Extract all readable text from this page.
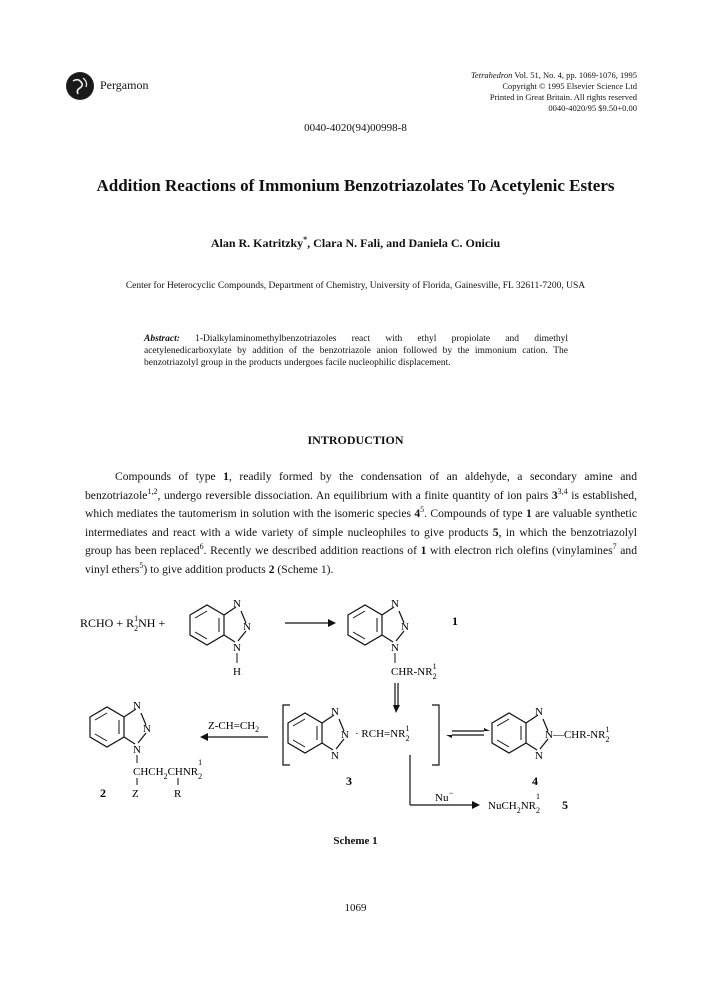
Pergamon
Tetrahedron Vol. 51, No. 4, pp. 1069-1076, 1995
Copyright © 1995 Elsevier Science Ltd
Printed in Great Britain. All rights reserved
0040-4020/95 $9.50+0.00
0040-4020(94)00998-8
Addition Reactions of Immonium Benzotriazolates To Acetylenic Esters
Alan R. Katritzky*, Clara N. Fali, and Daniela C. Oniciu
Center for Heterocyclic Compounds, Department of Chemistry, University of Florida, Gainesville, FL 32611-7200, USA
Abstract: 1-Dialkylaminomethylbenzotriazoles react with ethyl propiolate and dimethyl acetylenedicarboxylate by addition of the benzotriazole anion followed by the immonium cation. The benzotriazolyl group in the products undergoes facile nucleophilic displacement.
INTRODUCTION

Compounds of type 1, readily formed by the condensation of an aldehyde, a secondary amine and benzotriazole$^{1,2}$, undergo reversible dissociation. An equilibrium with a finite quantity of ion pairs 3$^{3,4}$ is established, which mediates the tautomerism in solution with the isomeric species $4^5$. Compounds of type 1 are valuable synthetic intermediates and react with a wide variety of simple nucleophiles to give products 5, in which the benzotriazolyl group has been replaced$^6$. Recently we described addition reactions of 1 with electron rich olefins (vinylamines$^7$ and vinyl ethers$^5$) to give addition products 2 (Scheme 1).

RCHO + $R_21NH$ +
N
N
N
H
N
N
N
CHR-$NR_21$
1
N
N
N
$CHCH_2CHNR_21$
Z	R
2
$Z-CH=CH_2$
N
N
N
· $RCH=NR_21$
3
N
$N—CHR-NR_21$
N
4
Nu−
$NuCH_2NR_21$
5
Scheme 1
1069
